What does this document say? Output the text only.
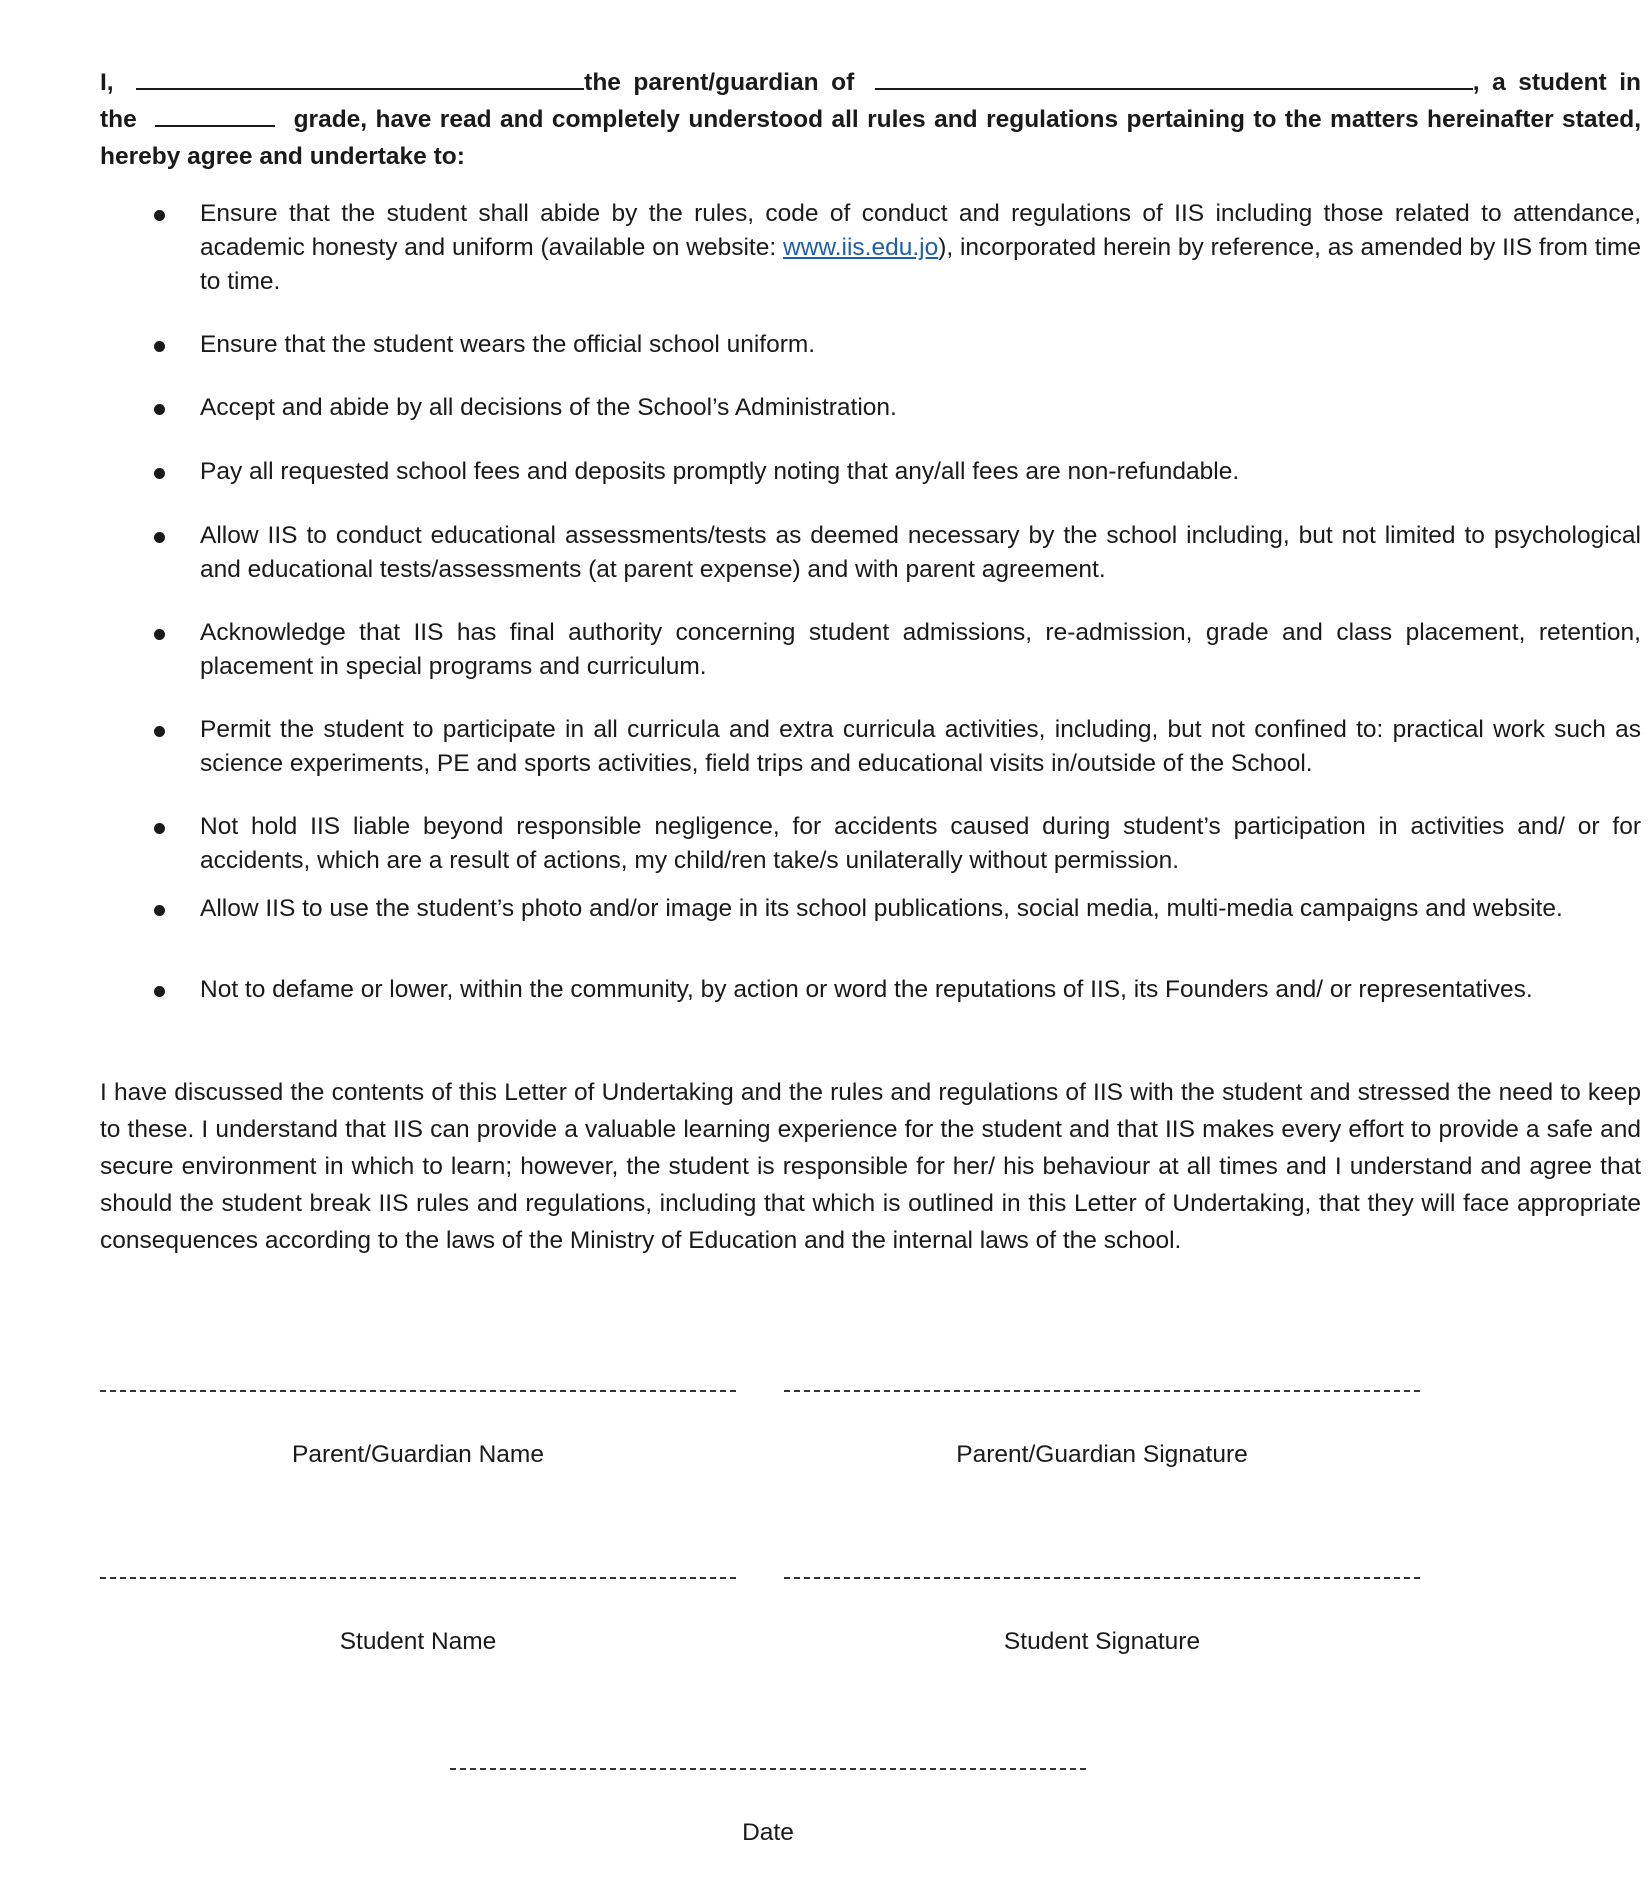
I,	the parent/guardian of	, a student in the	grade, have read and completely understood all rules and regulations pertaining to the matters hereinafter stated, hereby agree and undertake to:
Ensure that the student shall abide by the rules, code of conduct and regulations of IIS including those related to attendance, academic honesty and uniform (available on website: www.iis.edu.jo), incorporated herein by reference, as amended by IIS from time to time.
Ensure that the student wears the official school uniform.
Accept and abide by all decisions of the School’s Administration.
Pay all requested school fees and deposits promptly noting that any/all fees are non-refundable.
Allow IIS to conduct educational assessments/tests as deemed necessary by the school including, but not limited to psychological and educational tests/assessments (at parent expense) and with parent agreement.
Acknowledge that IIS has final authority concerning student admissions, re-admission, grade and class placement, retention, placement in special programs and curriculum.
Permit the student to participate in all curricula and extra curricula activities, including, but not confined to: practical work such as science experiments, PE and sports activities, field trips and educational visits in/outside of the School.
Not hold IIS liable beyond responsible negligence, for accidents caused during student’s participation in activities and/ or for accidents, which are a result of actions, my child/ren take/s unilaterally without permission.
Allow IIS to use the student’s photo and/or image in its school publications, social media, multi-media campaigns and website.
Not to defame or lower, within the community, by action or word the reputations of IIS, its Founders and/ or representatives.
I have discussed the contents of this Letter of Undertaking and the rules and regulations of IIS with the student and stressed the need to keep to these. I understand that IIS can provide a valuable learning experience for the student and that IIS makes every effort to provide a safe and secure environment in which to learn; however, the student is responsible for her/ his behaviour at all times and I understand and agree that should the student break IIS rules and regulations, including that which is outlined in this Letter of Undertaking, that they will face appropriate consequences according to the laws of the Ministry of Education and the internal laws of the school.
Parent/Guardian Name	Parent/Guardian Signature
Student Name	Student Signature
Date
